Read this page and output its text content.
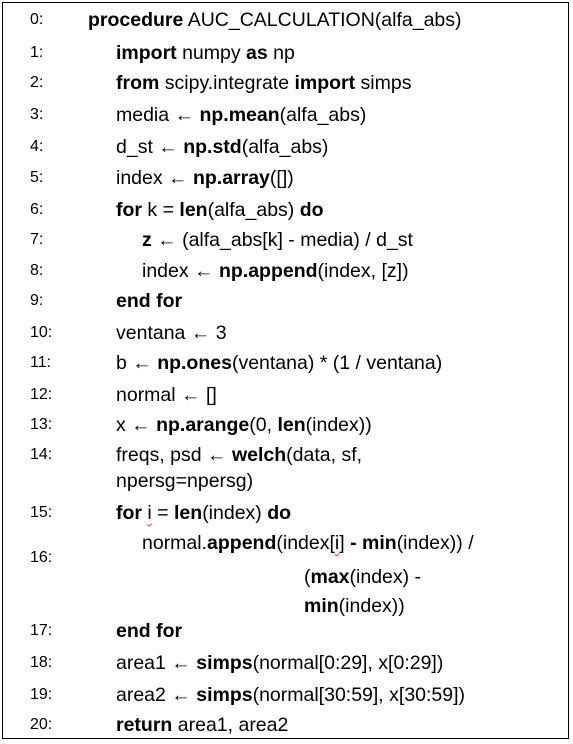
0:	procedure AUC_CALCULATION(alfa_abs)
1:	import numpy as np
2:	from scipy.integrate import simps
3:	media ← np.mean(alfa_abs)
4:	d_st ← np.std(alfa_abs)
5:	index ← np.array([])
6:	for k = len(alfa_abs) do
7:	z ← (alfa_abs[k] - media) / d_st
8:	index ← np.append(index, [z])
9:	end for
10:	ventana ← 3
11:	b ← np.ones(ventana) * (1 / ventana)
12:	normal ← []
13:	x ← np.arange(0, len(index))
14:	freqs, psd ← welch(data, sf,
npersg=npersg)
15:	for i = len(index) do
16:
normal.append(index[i] - min(index)) /
(max(index) -
min(index))
17:	end for
18:	area1 ← simps(normal[0:29], x[0:29])
19:	area2 ← simps(normal[30:59], x[30:59])
20:	return area1, area2
